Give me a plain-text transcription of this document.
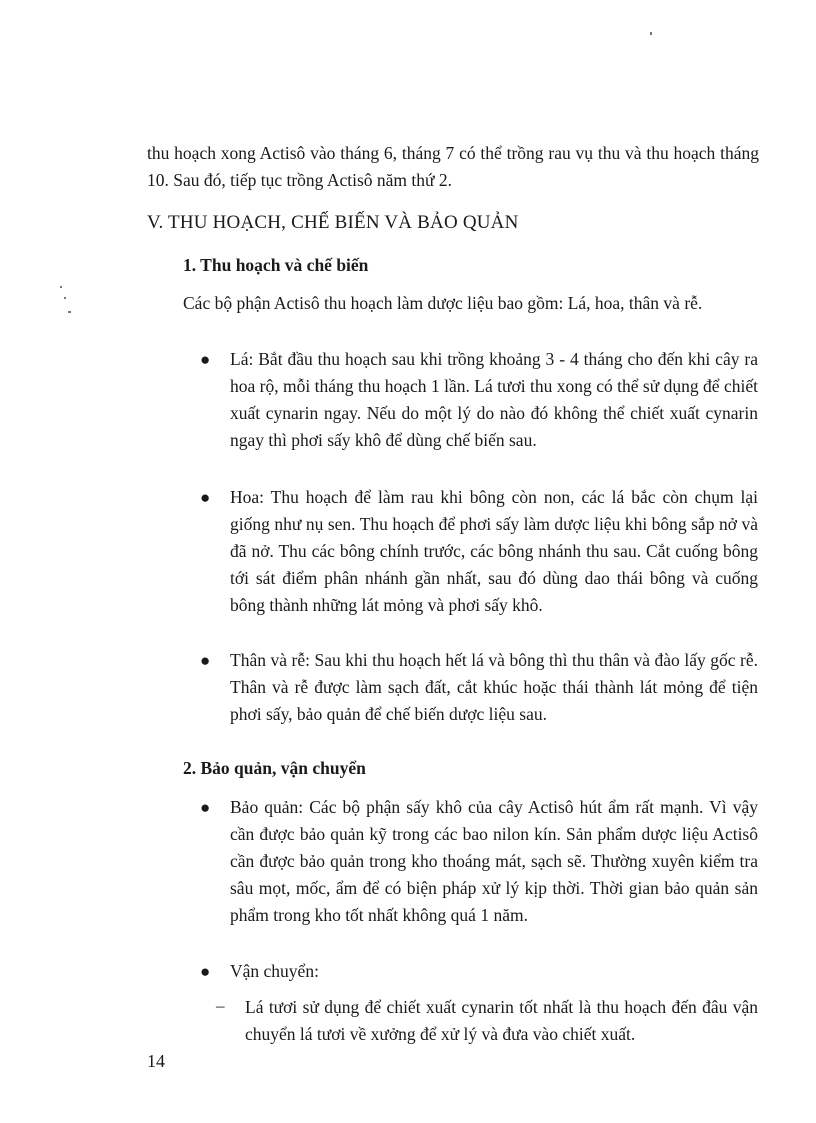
thu hoạch xong Actisô vào tháng 6, tháng 7 có thể trồng rau vụ thu và thu hoạch tháng 10. Sau đó, tiếp tục trồng Actisô năm thứ 2.
V. THU HOẠCH, CHẾ BIẾN VÀ BẢO QUẢN
1. Thu hoạch và chế biến
Các bộ phận Actisô thu hoạch làm dược liệu bao gồm: Lá, hoa, thân và rễ.
● Lá: Bắt đầu thu hoạch sau khi trồng khoảng 3 - 4 tháng cho đến khi cây ra hoa rộ, mỗi tháng thu hoạch 1 lần. Lá tươi thu xong có thể sử dụng để chiết xuất cynarin ngay. Nếu do một lý do nào đó không thể chiết xuất cynarin ngay thì phơi sấy khô để dùng chế biến sau.
● Hoa: Thu hoạch để làm rau khi bông còn non, các lá bắc còn chụm lại giống như nụ sen. Thu hoạch để phơi sấy làm dược liệu khi bông sắp nở và đã nở. Thu các bông chính trước, các bông nhánh thu sau. Cắt cuống bông tới sát điểm phân nhánh gần nhất, sau đó dùng dao thái bông và cuống bông thành những lát mỏng và phơi sấy khô.
● Thân và rễ: Sau khi thu hoạch hết lá và bông thì thu thân và đào lấy gốc rễ. Thân và rễ được làm sạch đất, cắt khúc hoặc thái thành lát mỏng để tiện phơi sấy, bảo quản để chế biến dược liệu sau.
2. Bảo quản, vận chuyển
● Bảo quản: Các bộ phận sấy khô của cây Actisô hút ẩm rất mạnh. Vì vậy cần được bảo quản kỹ trong các bao nilon kín. Sản phẩm dược liệu Actisô cần được bảo quản trong kho thoáng mát, sạch sẽ. Thường xuyên kiểm tra sâu mọt, mốc, ẩm để có biện pháp xử lý kịp thời. Thời gian bảo quản sản phẩm trong kho tốt nhất không quá 1 năm.
● Vận chuyển:
– Lá tươi sử dụng để chiết xuất cynarin tốt nhất là thu hoạch đến đâu vận chuyển lá tươi về xưởng để xử lý và đưa vào chiết xuất.
14
